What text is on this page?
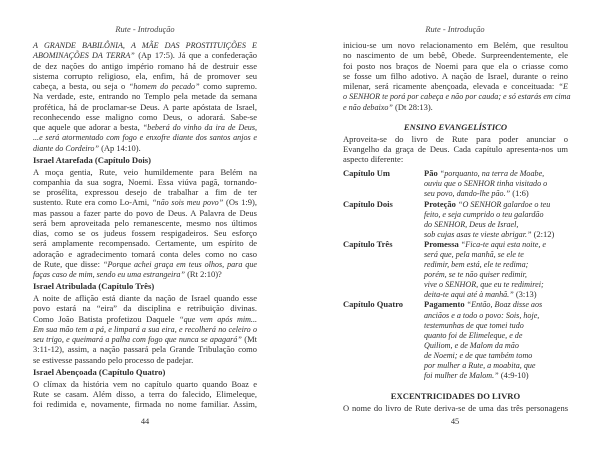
Rute - Introdução
A GRANDE BABILÔNIA, A MÃE DAS PROSTITUIÇÕES E
ABOMINAÇÕES DA TERRA” (Ap 17:5). Já que a confederação
de dez nações do antigo império romano há de destruir esse
sistema corrupto religioso, ela, enfim, há de promover seu
cabeça, a besta, ou seja o “homem do pecado” como supremo.
Na verdade, este, entrando no Templo pela metade da semana
profética, há de proclamar-se Deus. A parte apóstata de Israel,
reconhecendo esse maligno como Deus, o adorará. Sabe-se
que aquele que adorar a besta, “beberá do vinho da ira de Deus,
...e será atormentado com fogo e enxofre diante dos santos anjos e
diante do Cordeiro” (Ap 14:10).
Israel Atarefada (Capítulo Dois)
A moça gentia, Rute, veio humildemente para Belém na
companhia da sua sogra, Noemi. Essa viúva pagã, tornando-
se prosélita, expressou desejo de trabalhar a fim de ter
sustento. Rute era como Lo-Ami, “não sois meu povo” (Os 1:9),
mas passou a fazer parte do povo de Deus. A Palavra de Deus
será bem aproveitada pelo remanescente, mesmo nos últimos
dias, como se os judeus fossem respigadeiros. Seu esforço
será amplamente recompensado. Certamente, um espírito de
adoração e agradecimento tomará conta deles como no caso
de Rute, que disse: “Porque achei graça em teus olhos, para que
faças caso de mim, sendo eu uma estrangeira” (Rt 2:10)?
Israel Atribulada (Capítulo Três)
A noite de aflição está diante da nação de Israel quando esse
povo estará na “eira” da disciplina e retribuição divinas.
Como João Batista profetizou Daquele “que vem após mim...
Em sua mão tem a pá, e limpará a sua eira, e recolherá no celeiro o
seu trigo, e queimará a palha com fogo que nunca se apagará” (Mt
3:11-12), assim, a nação passará pela Grande Tribulação como
se estivesse passando pelo processo de padejar.
Israel Abençoada (Capítulo Quatro)
O clímax da história vem no capítulo quarto quando Boaz e
Rute se casam. Além disso, a terra do falecido, Elimeleque,
foi redimida e, novamente, firmada no nome familiar. Assim,
44
Rute - Introdução
iniciou-se um novo relacionamento em Belém, que resultou
no nascimento de um bebê, Obede. Surpreendentemente, ele
foi posto nos braços de Noemi para que ela o criasse como
se fosse um filho adotivo. A nação de Israel, durante o reino
milenar, será ricamente abençoada, elevada e conceituada: “E
o SENHOR te porá por cabeça e não por cauda; e só estarás em cima
e não debaixo” (Dt 28:13).
ENSINO EVANGELÍSTICO
Aproveita-se do livro de Rute para poder anunciar o
Evangelho da graça de Deus. Cada capítulo apresenta-nos um
aspecto diferente:
Capítulo Um	Pão “porquanto, na terra de Moabe,
ouviu que o SENHOR tinha visitado o
seu povo, dando-lhe pão.” (1:6)
Capítulo Dois	Proteção “O SENHOR galardoe o teu
feito, e seja cumprido o teu galardão
do SENHOR, Deus de Israel,
sob cujas asas te vieste abrigar.” (2:12)
Capítulo Três	Promessa “Fica-te aqui esta noite, e
será que, pela manhã, se ele te
redimir, bem está, ele te redima;
porém, se te não quiser redimir,
vive o SENHOR, que eu te redimirei;
deita-te aqui até à manhã.” (3:13)
Capítulo Quatro	Pagamento “Então, Boaz disse aos
anciãos e a todo o povo: Sois, hoje,
testemunhas de que tomei tudo
quanto foi de Elimeleque, e de
Quiliom, e de Malom da mão
de Noemi; e de que também tomo
por mulher a Rute, a moabita, que
foi mulher de Malom.” (4:9-10)
EXCENTRICIDADES DO LIVRO
O nome do livro de Rute deriva-se de uma das três personagens
45
